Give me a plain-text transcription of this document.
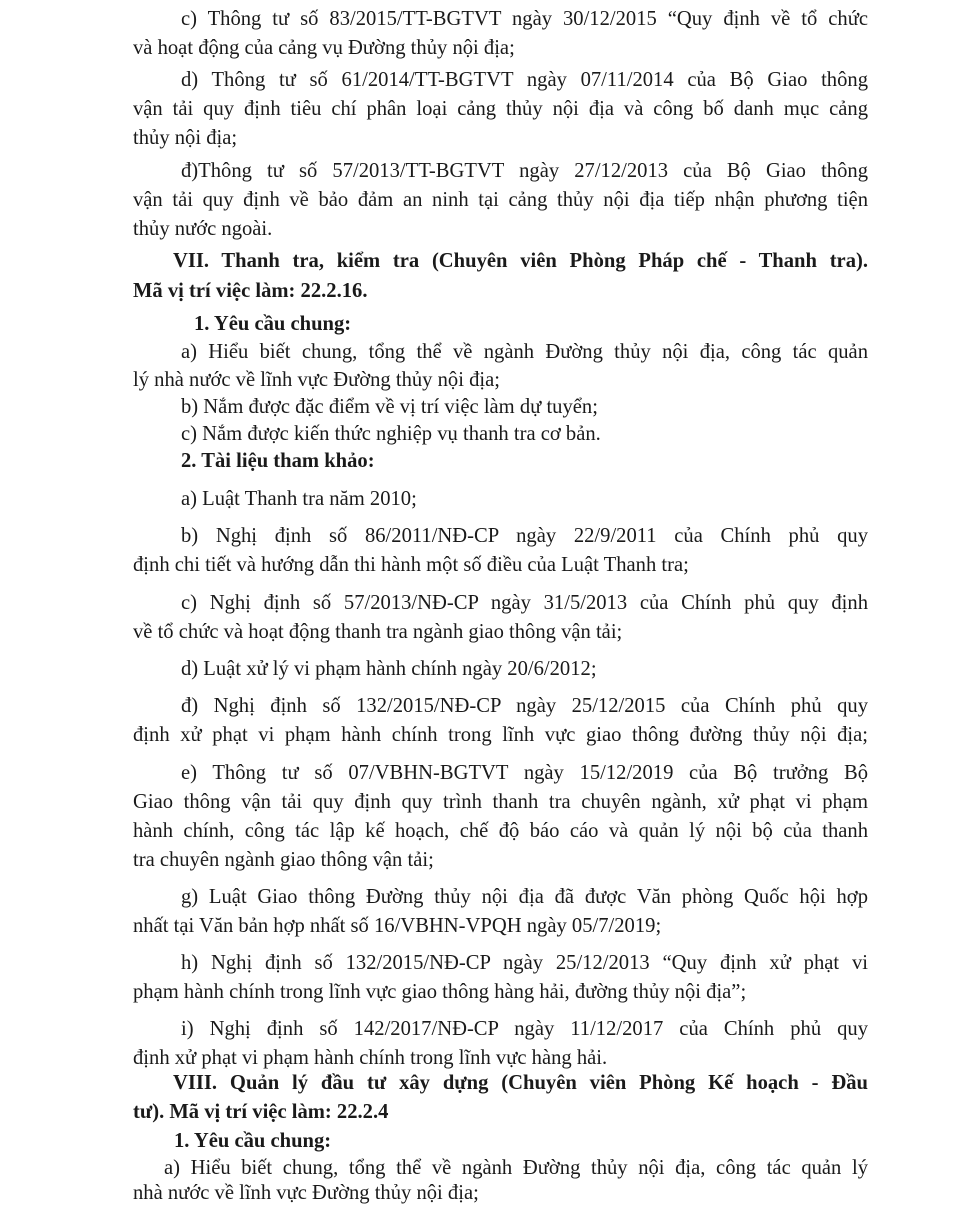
c) Thông tư số 83/2015/TT-BGTVT ngày 30/12/2015 “Quy định về tổ chức
và hoạt động của cảng vụ Đường thủy nội địa;
d) Thông tư số 61/2014/TT-BGTVT ngày 07/11/2014 của Bộ Giao thông
vận tải quy định tiêu chí phân loại cảng thủy nội địa và công bố danh mục cảng
thủy nội địa;
đ)Thông tư số 57/2013/TT-BGTVT ngày 27/12/2013 của Bộ Giao thông
vận tải quy định về bảo đảm an ninh tại cảng thủy nội địa tiếp nhận phương tiện
thủy nước ngoài.
VII. Thanh tra, kiểm tra (Chuyên viên Phòng Pháp chế - Thanh tra).
Mã vị trí việc làm: 22.2.16.
1. Yêu cầu chung:
a) Hiểu biết chung, tổng thể về ngành Đường thủy nội địa, công tác quản
lý nhà nước về lĩnh vực Đường thủy nội địa;
b) Nắm được đặc điểm về vị trí việc làm dự tuyển;
c) Nắm được kiến thức nghiệp vụ thanh tra cơ bản.
2. Tài liệu tham khảo:
a) Luật Thanh tra năm 2010;
b) Nghị định số 86/2011/NĐ-CP ngày 22/9/2011 của Chính phủ quy
định chi tiết và hướng dẫn thi hành một số điều của Luật Thanh tra;
c) Nghị định số 57/2013/NĐ-CP ngày 31/5/2013 của Chính phủ quy định
về tổ chức và hoạt động thanh tra ngành giao thông vận tải;
d) Luật xử lý vi phạm hành chính ngày 20/6/2012;
đ) Nghị định số 132/2015/NĐ-CP ngày 25/12/2015 của Chính phủ quy
định xử phạt vi phạm hành chính trong lĩnh vực giao thông đường thủy nội địa;
e) Thông tư số 07/VBHN-BGTVT ngày 15/12/2019 của Bộ trưởng Bộ
Giao thông vận tải quy định quy trình thanh tra chuyên ngành, xử phạt vi phạm
hành chính, công tác lập kế hoạch, chế độ báo cáo và quản lý nội bộ của thanh
tra chuyên ngành giao thông vận tải;
g) Luật Giao thông Đường thủy nội địa đã được Văn phòng Quốc hội hợp
nhất tại Văn bản hợp nhất số 16/VBHN-VPQH ngày 05/7/2019;
h) Nghị định số 132/2015/NĐ-CP ngày 25/12/2013 “Quy định xử phạt vi
phạm hành chính trong lĩnh vực giao thông hàng hải, đường thủy nội địa”;
i) Nghị định số 142/2017/NĐ-CP ngày 11/12/2017 của Chính phủ quy
định xử phạt vi phạm hành chính trong lĩnh vực hàng hải.
VIII. Quản lý đầu tư xây dựng (Chuyên viên Phòng Kế hoạch - Đầu
tư). Mã vị trí việc làm: 22.2.4
1. Yêu cầu chung:
a) Hiểu biết chung, tổng thể về ngành Đường thủy nội địa, công tác quản lý
nhà nước về lĩnh vực Đường thủy nội địa;
